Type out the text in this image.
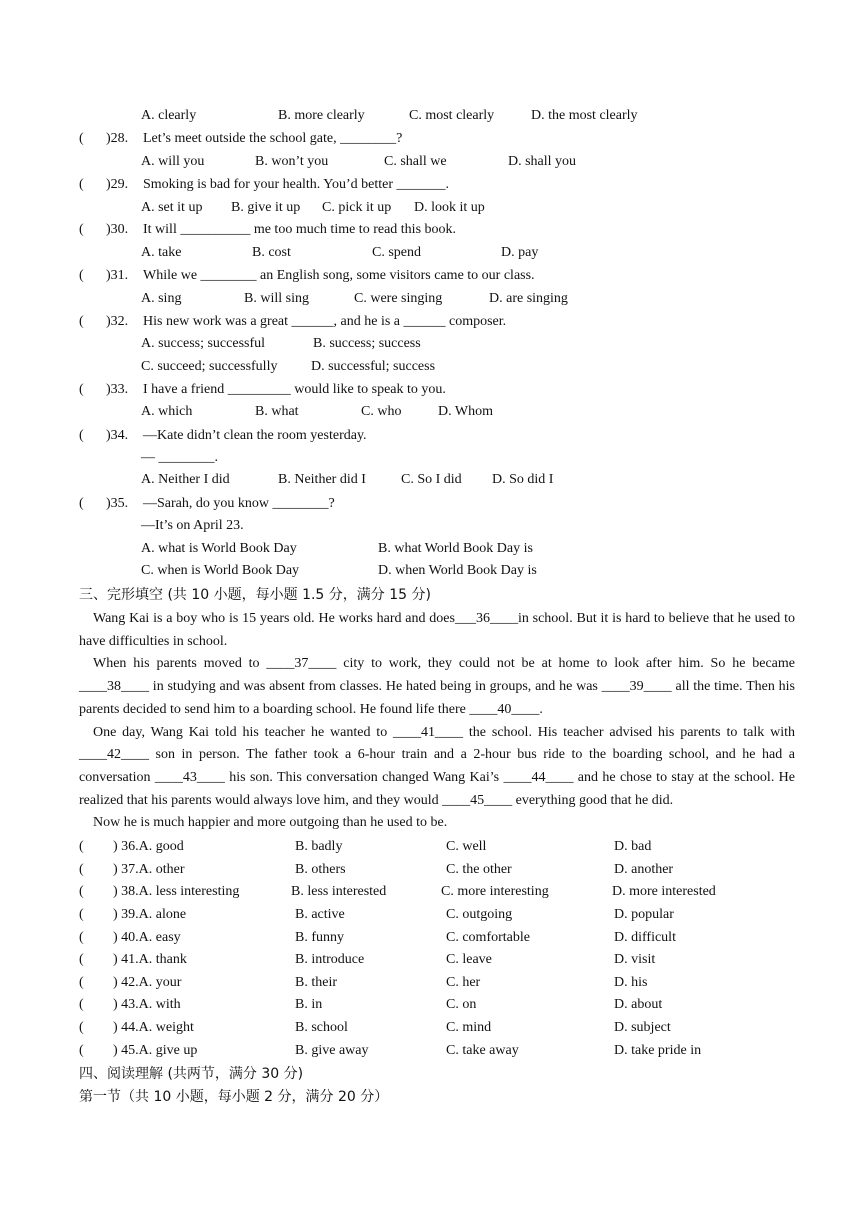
A. clearly	B. more clearly	C. most clearly	D. the most clearly
( )28. Let’s meet outside the school gate, ________?
A. will you	B. won’t you	C. shall we	D. shall you
( )29. Smoking is bad for your health. You’d better _______.
A. set it up B. give it up C. pick it up D. look it up
( )30. It will __________ me too much time to read this book.
A. take	B. cost	C. spend	D. pay
( )31. While we ________ an English song, some visitors came to our class.
A. sing	B. will sing	C. were singing	D. are singing
( )32. His new work was a great ______, and he is a ______ composer.
A. success; successful	B. success; success
C. succeed; successfully D. successful; success
( )33. I have a friend _________ would like to speak to you.
A. which	B. what	C. who	D. Whom
( )34. —Kate didn’t clean the room yesterday.
— ________.
A. Neither I did	B. Neither did I	C. So I did D. So did I
( )35. —Sarah, do you know ________?
—It’s on April 23.
A. what is World Book Day	B. what World Book Day is
C. when is World Book Day	D. when World Book Day is
三、完形填空 (共 10 小题，每小题 1.5 分，满分 15 分)

Wang Kai is a boy who is 15 years old. He works hard and does___36____in school. But it is hard to believe that he used to have difficulties in school.

When his parents moved to ____37____ city to work, they could not be at home to look after him. So he became ____38____ in studying and was absent from classes. He hated being in groups, and he was ____39____ all the time. Then his parents decided to send him to a boarding school. He found life there ____40____.

One day, Wang Kai told his teacher he wanted to ____41____ the school. His teacher advised his parents to talk with ____42____ son in person. The father took a 6-hour train and a 2-hour bus ride to the boarding school, and he had a conversation ____43____ his son. This conversation changed Wang Kai’s ____44____ and he chose to stay at the school. He realized that his parents would always love him, and they would ____45____ everything good that he did.

Now he is much happier and more outgoing than he used to be.

( ) 36.A. good	B. badly	C. well	D. bad
( ) 37.A. other	B. others	C. the other	D. another
( ) 38.A. less interesting	B. less interested	C. more interesting	D. more interested
( ) 39.A. alone	B. active	C. outgoing	D. popular
( ) 40.A. easy	B. funny	C. comfortable	D. difficult
( ) 41.A. thank	B. introduce	C. leave	D. visit
( ) 42.A. your	B. their	C. her	D. his
( ) 43.A. with	B. in	C. on	D. about
( ) 44.A. weight	B. school	C. mind	D. subject
( ) 45.A. give up	B. give away	C. take away	D. take pride in
四、阅读理解 (共两节，满分 30 分)
第一节（共 10 小题，每小题 2 分，满分 20 分）
